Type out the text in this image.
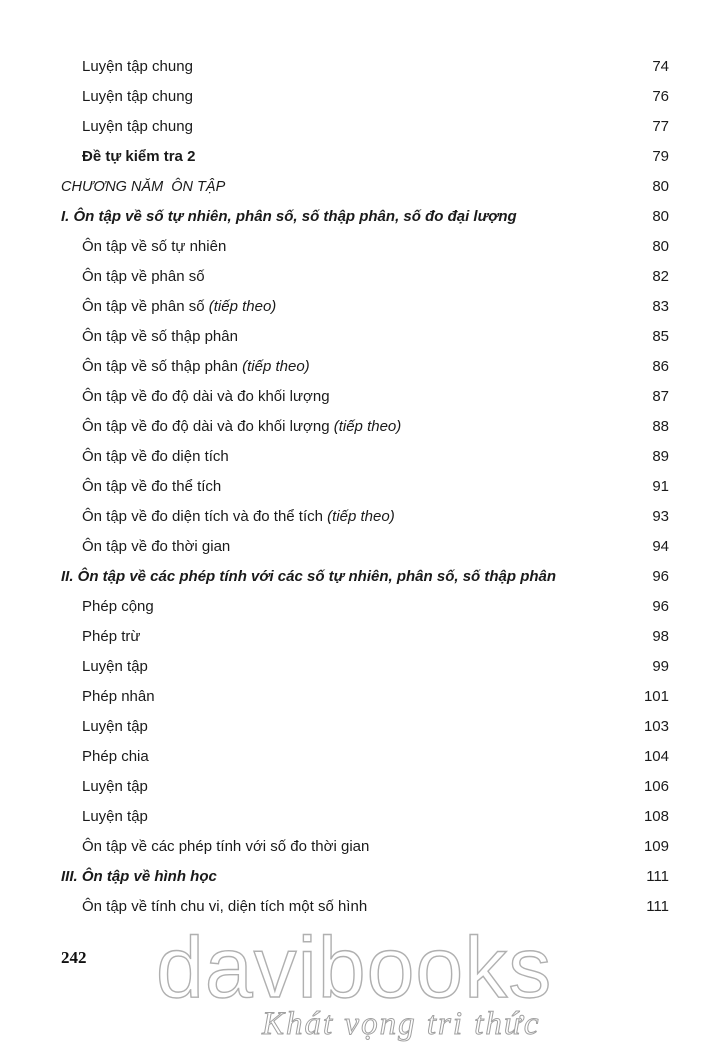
Luyện tập chung	74
Luyện tập chung	76
Luyện tập chung	77
Đề tự kiểm tra 2	79
CHƯƠNG NĂM  ÔN TẬP	80
I. Ôn tập về số tự nhiên, phân số, số thập phân, số đo đại lượng	80
Ôn tập về số tự nhiên	80
Ôn tập về phân số	82
Ôn tập về phân số (tiếp theo)	83
Ôn tập về số thập phân	85
Ôn tập về số thập phân (tiếp theo)	86
Ôn tập về đo độ dài và đo khối lượng	87
Ôn tập về đo độ dài và đo khối lượng (tiếp theo)	88
Ôn tập về đo diện tích	89
Ôn tập về đo thể tích	91
Ôn tập về đo diện tích và đo thể tích (tiếp theo)	93
Ôn tập về đo thời gian	94
II. Ôn tập về các phép tính với các số tự nhiên, phân số, số thập phân	96
Phép cộng	96
Phép trừ	98
Luyện tập	99
Phép nhân	101
Luyện tập	103
Phép chia	104
Luyện tập	106
Luyện tập	108
Ôn tập về các phép tính với số đo thời gian	109
III. Ôn tập về hình học	111
Ôn tập về tính chu vi, diện tích một số hình	111
242 davibooks
Khát vọng tri thức
